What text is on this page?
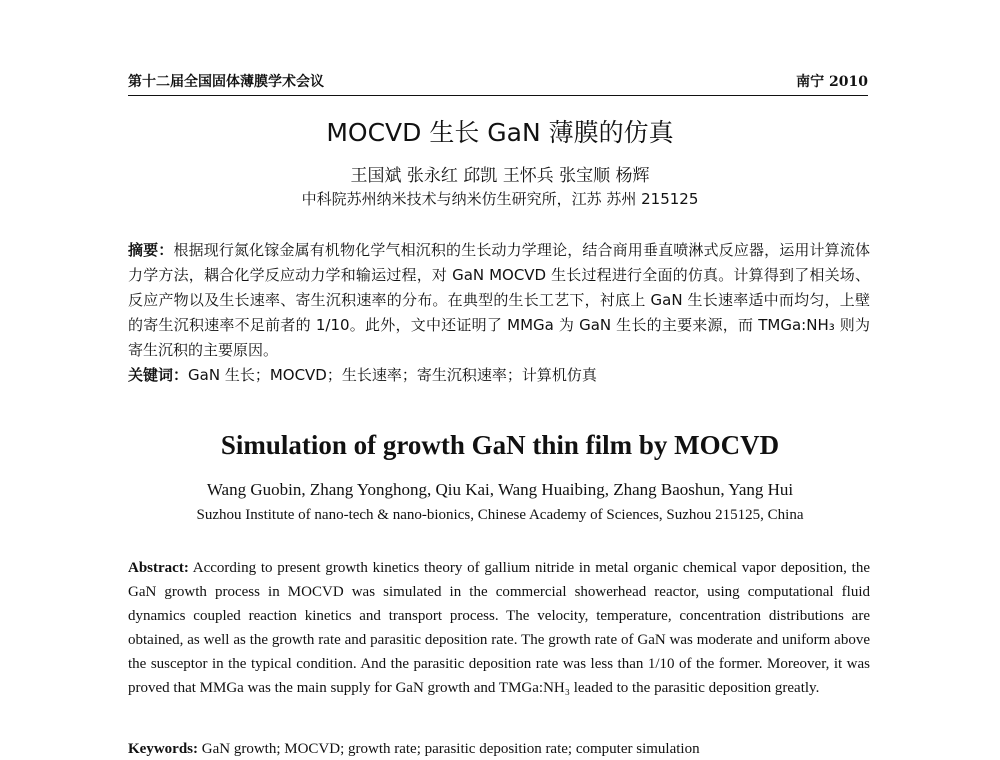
第十二届全国固体薄膜学术会议	南宁 2010
MOCVD 生长 GaN 薄膜的仿真
王国斌 张永红 邱凯 王怀兵 张宝顺 杨辉
中科院苏州纳米技术与纳米仿生研究所，江苏 苏州 215125
摘要：根据现行氮化镓金属有机物化学气相沉积的生长动力学理论，结合商用垂直喷淋式反应器，运用计算流体力学方法，耦合化学反应动力学和输运过程，对 GaN MOCVD 生长过程进行全面的仿真。计算得到了相关场、反应产物以及生长速率、寄生沉积速率的分布。在典型的生长工艺下，衬底上 GaN 生长速率适中而均匀，上壁的寄生沉积速率不足前者的 1/10。此外，文中还证明了 MMGa 为 GaN 生长的主要来源，而 TMGa:NH₃ 则为寄生沉积的主要原因。
关键词：GaN 生长；MOCVD；生长速率；寄生沉积速率；计算机仿真
Simulation of growth GaN thin film by MOCVD
Wang Guobin, Zhang Yonghong, Qiu Kai, Wang Huaibing, Zhang Baoshun, Yang Hui
Suzhou Institute of nano-tech & nano-bionics, Chinese Academy of Sciences, Suzhou 215125, China
Abstract: According to present growth kinetics theory of gallium nitride in metal organic chemical vapor deposition, the GaN growth process in MOCVD was simulated in the commercial showerhead reactor, using computational fluid dynamics coupled reaction kinetics and transport process. The velocity, temperature, concentration distributions are obtained, as well as the growth rate and parasitic deposition rate. The growth rate of GaN was moderate and uniform above the susceptor in the typical condition. And the parasitic deposition rate was less than 1/10 of the former. Moreover, it was proved that MMGa was the main supply for GaN growth and TMGa:NH₃ leaded to the parasitic deposition greatly.
Keywords: GaN growth; MOCVD; growth rate; parasitic deposition rate; computer simulation
